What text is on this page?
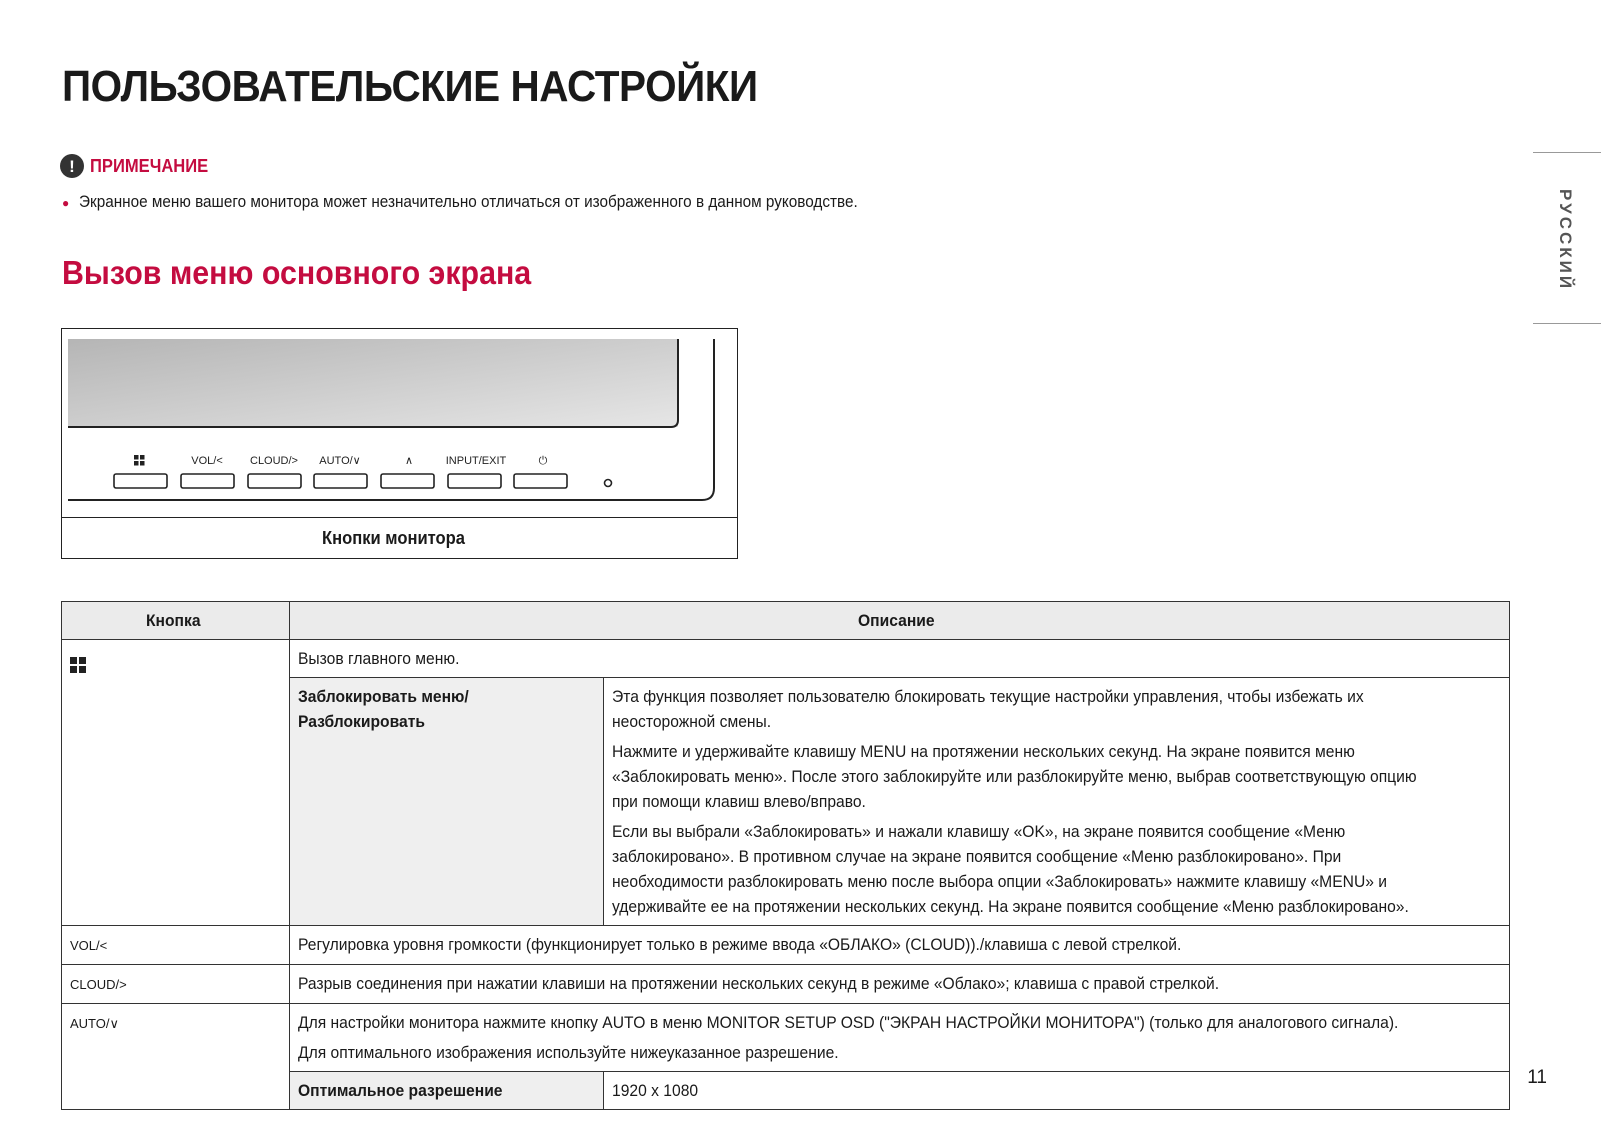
ПОЛЬЗОВАТЕЛЬСКИЕ НАСТРОЙКИ
! ПРИМЕЧАНИЕ
● Экранное меню вашего монитора может незначительно отличаться от изображенного в данном руководстве.
Вызов меню основного экрана	РУССКИЙ
VOL/< CLOUD/> AUTO/∨	∧	INPUT/EXIT	⏻
Кнопки монитора
Кнопка	Описание	

	Вызов главного меню.	
	Заблокировать меню/ Разблокировать	Эта функция позволяет пользователю блокировать текущие настройки управления, чтобы избежать их неосторожной смены.

Нажмите и удерживайте клавишу MENU на протяжении нескольких секунд. На экране появится меню «Заблокировать меню». После этого заблокируйте или разблокируйте меню, выбрав соответствующую опцию при помощи клавиш влево/вправо.

Если вы выбрали «Заблокировать» и нажали клавишу «OK», на экране появится сообщение «Меню заблокировано». В противном случае на экране появится сообщение «Меню разблокировано». При необходимости разблокировать меню после выбора опции «Заблокировать» нажмите клавишу «MENU» и удерживайте ее на протяжении нескольких секунд. На экране появится сообщение «Меню разблокировано».

VOL/<	Регулировка уровня громкости (функционирует только в режиме ввода «ОБЛАКО» (CLOUD))./клавиша с левой стрелкой.	
CLOUD/>	Разрыв соединения при нажатии клавиши на протяжении нескольких секунд в режиме «Облако»; клавиша с правой стрелкой.	
AUTO/∨	Для настройки монитора нажмите кнопку AUTO в меню MONITOR SETUP OSD ("ЭКРАН НАСТРОЙКИ МОНИТОРА") (только для аналогового сигнала).

Для оптимального изображения используйте нижеуказанное разрешение.	

	Оптимальное разрешение	1920 x 1080
11
